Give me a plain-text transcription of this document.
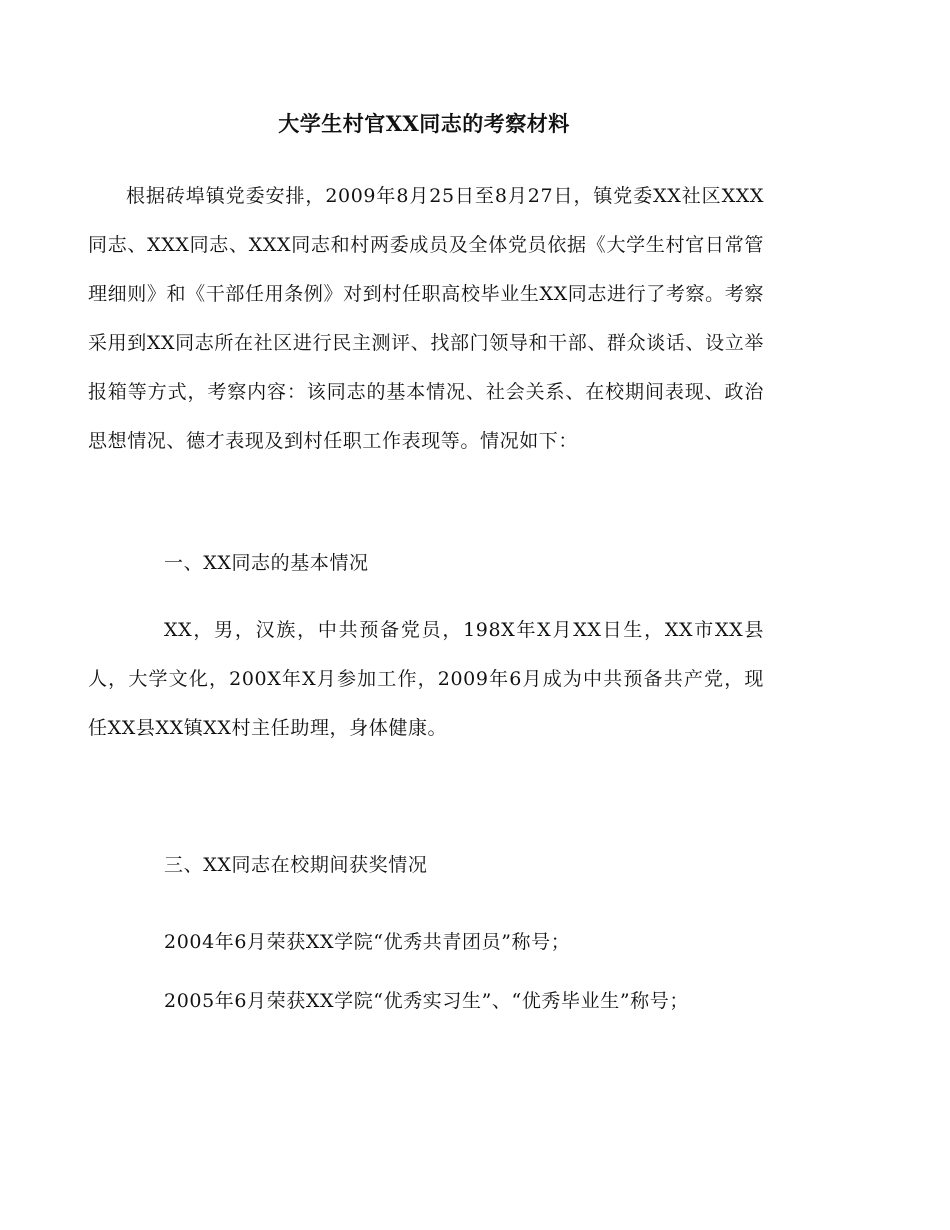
大学生村官XX同志的考察材料

根据砖埠镇党委安排，2009年8月25日至8月27日，镇党委XX社区XXX同志、XXX同志、XXX同志和村两委成员及全体党员依据《大学生村官日常管理细则》和《干部任用条例》对到村任职高校毕业生XX同志进行了考察。考察采用到XX同志所在社区进行民主测评、找部门领导和干部、群众谈话、设立举报箱等方式，考察内容：该同志的基本情况、社会关系、在校期间表现、政治思想情况、德才表现及到村任职工作表现等。情况如下：

一、XX同志的基本情况

XX，男，汉族，中共预备党员，198X年X月XX日生，XX市XX县人，大学文化，200X年X月参加工作，2009年6月成为中共预备共产党，现任XX县XX镇XX村主任助理，身体健康。

三、XX同志在校期间获奖情况

2004年6月荣获XX学院“优秀共青团员”称号；

2005年6月荣获XX学院“优秀实习生”、“优秀毕业生”称号；
